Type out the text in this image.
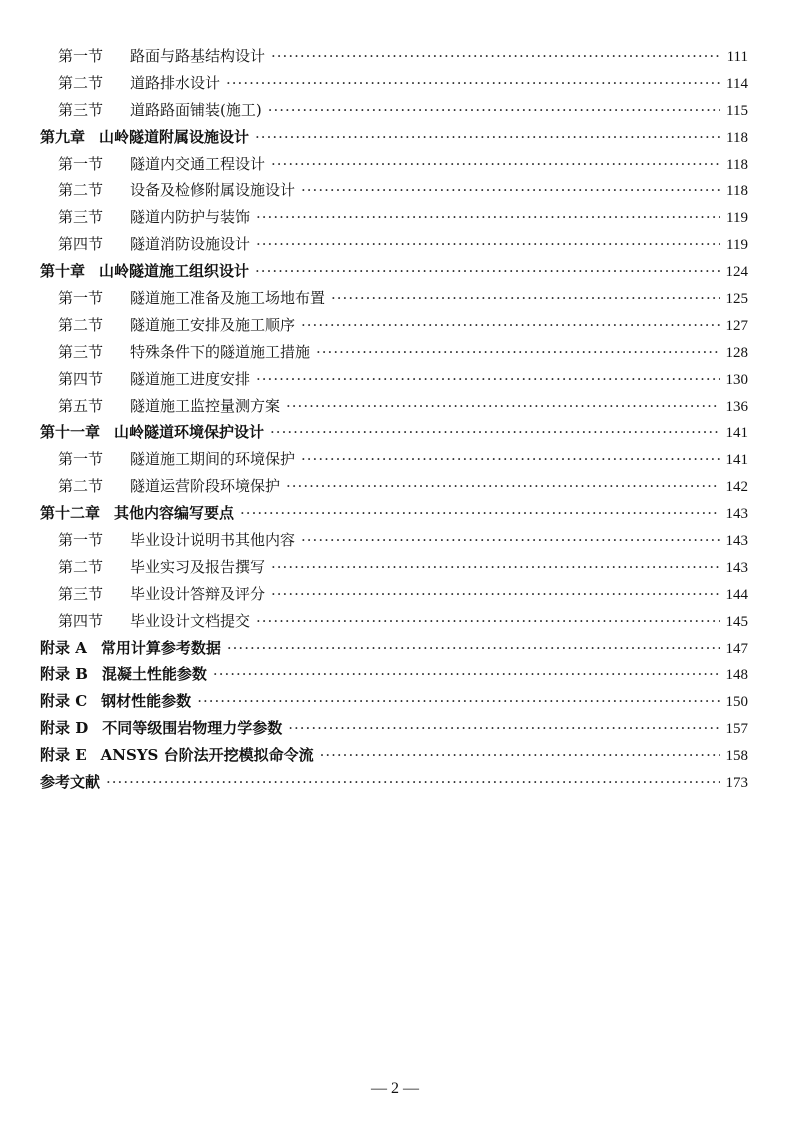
第一节	路面与路基结构设计 ·····	111
第二节	道路排水设计 ·····	114
第三节	道路路面铺装(施工) ·····	115
第九章 山岭隧道附属设施设计 ·····	118
第一节	隧道内交通工程设计 ·····	118
第二节	设备及检修附属设施设计 ·····	118
第三节	隧道内防护与装饰 ·····	119
第四节	隧道消防设施设计 ·····	119
第十章 山岭隧道施工组织设计 ·····	124
第一节	隧道施工准备及施工场地布置 ·····	125
第二节	隧道施工安排及施工顺序 ·····	127
第三节	特殊条件下的隧道施工措施 ·····	128
第四节	隧道施工进度安排 ·····	130
第五节	隧道施工监控量测方案 ·····	136
第十一章 山岭隧道环境保护设计 ·····	141
第一节	隧道施工期间的环境保护 ·····	141
第二节	隧道运营阶段环境保护 ·····	142
第十二章 其他内容编写要点 ·····	143
第一节	毕业设计说明书其他内容 ·····	143
第二节	毕业实习及报告撰写 ·····	143
第三节	毕业设计答辩及评分 ·····	144
第四节	毕业设计文档提交 ·····	145
附录 A 常用计算参考数据 ·····	147
附录 B 混凝土性能参数 ·····	148
附录 C 钢材性能参数 ·····	150
附录 D 不同等级围岩物理力学参数 ·····	157
附录 E ANSYS 台阶法开挖模拟命令流 ·····	158
参考文献 ·····	173
— 2 —
